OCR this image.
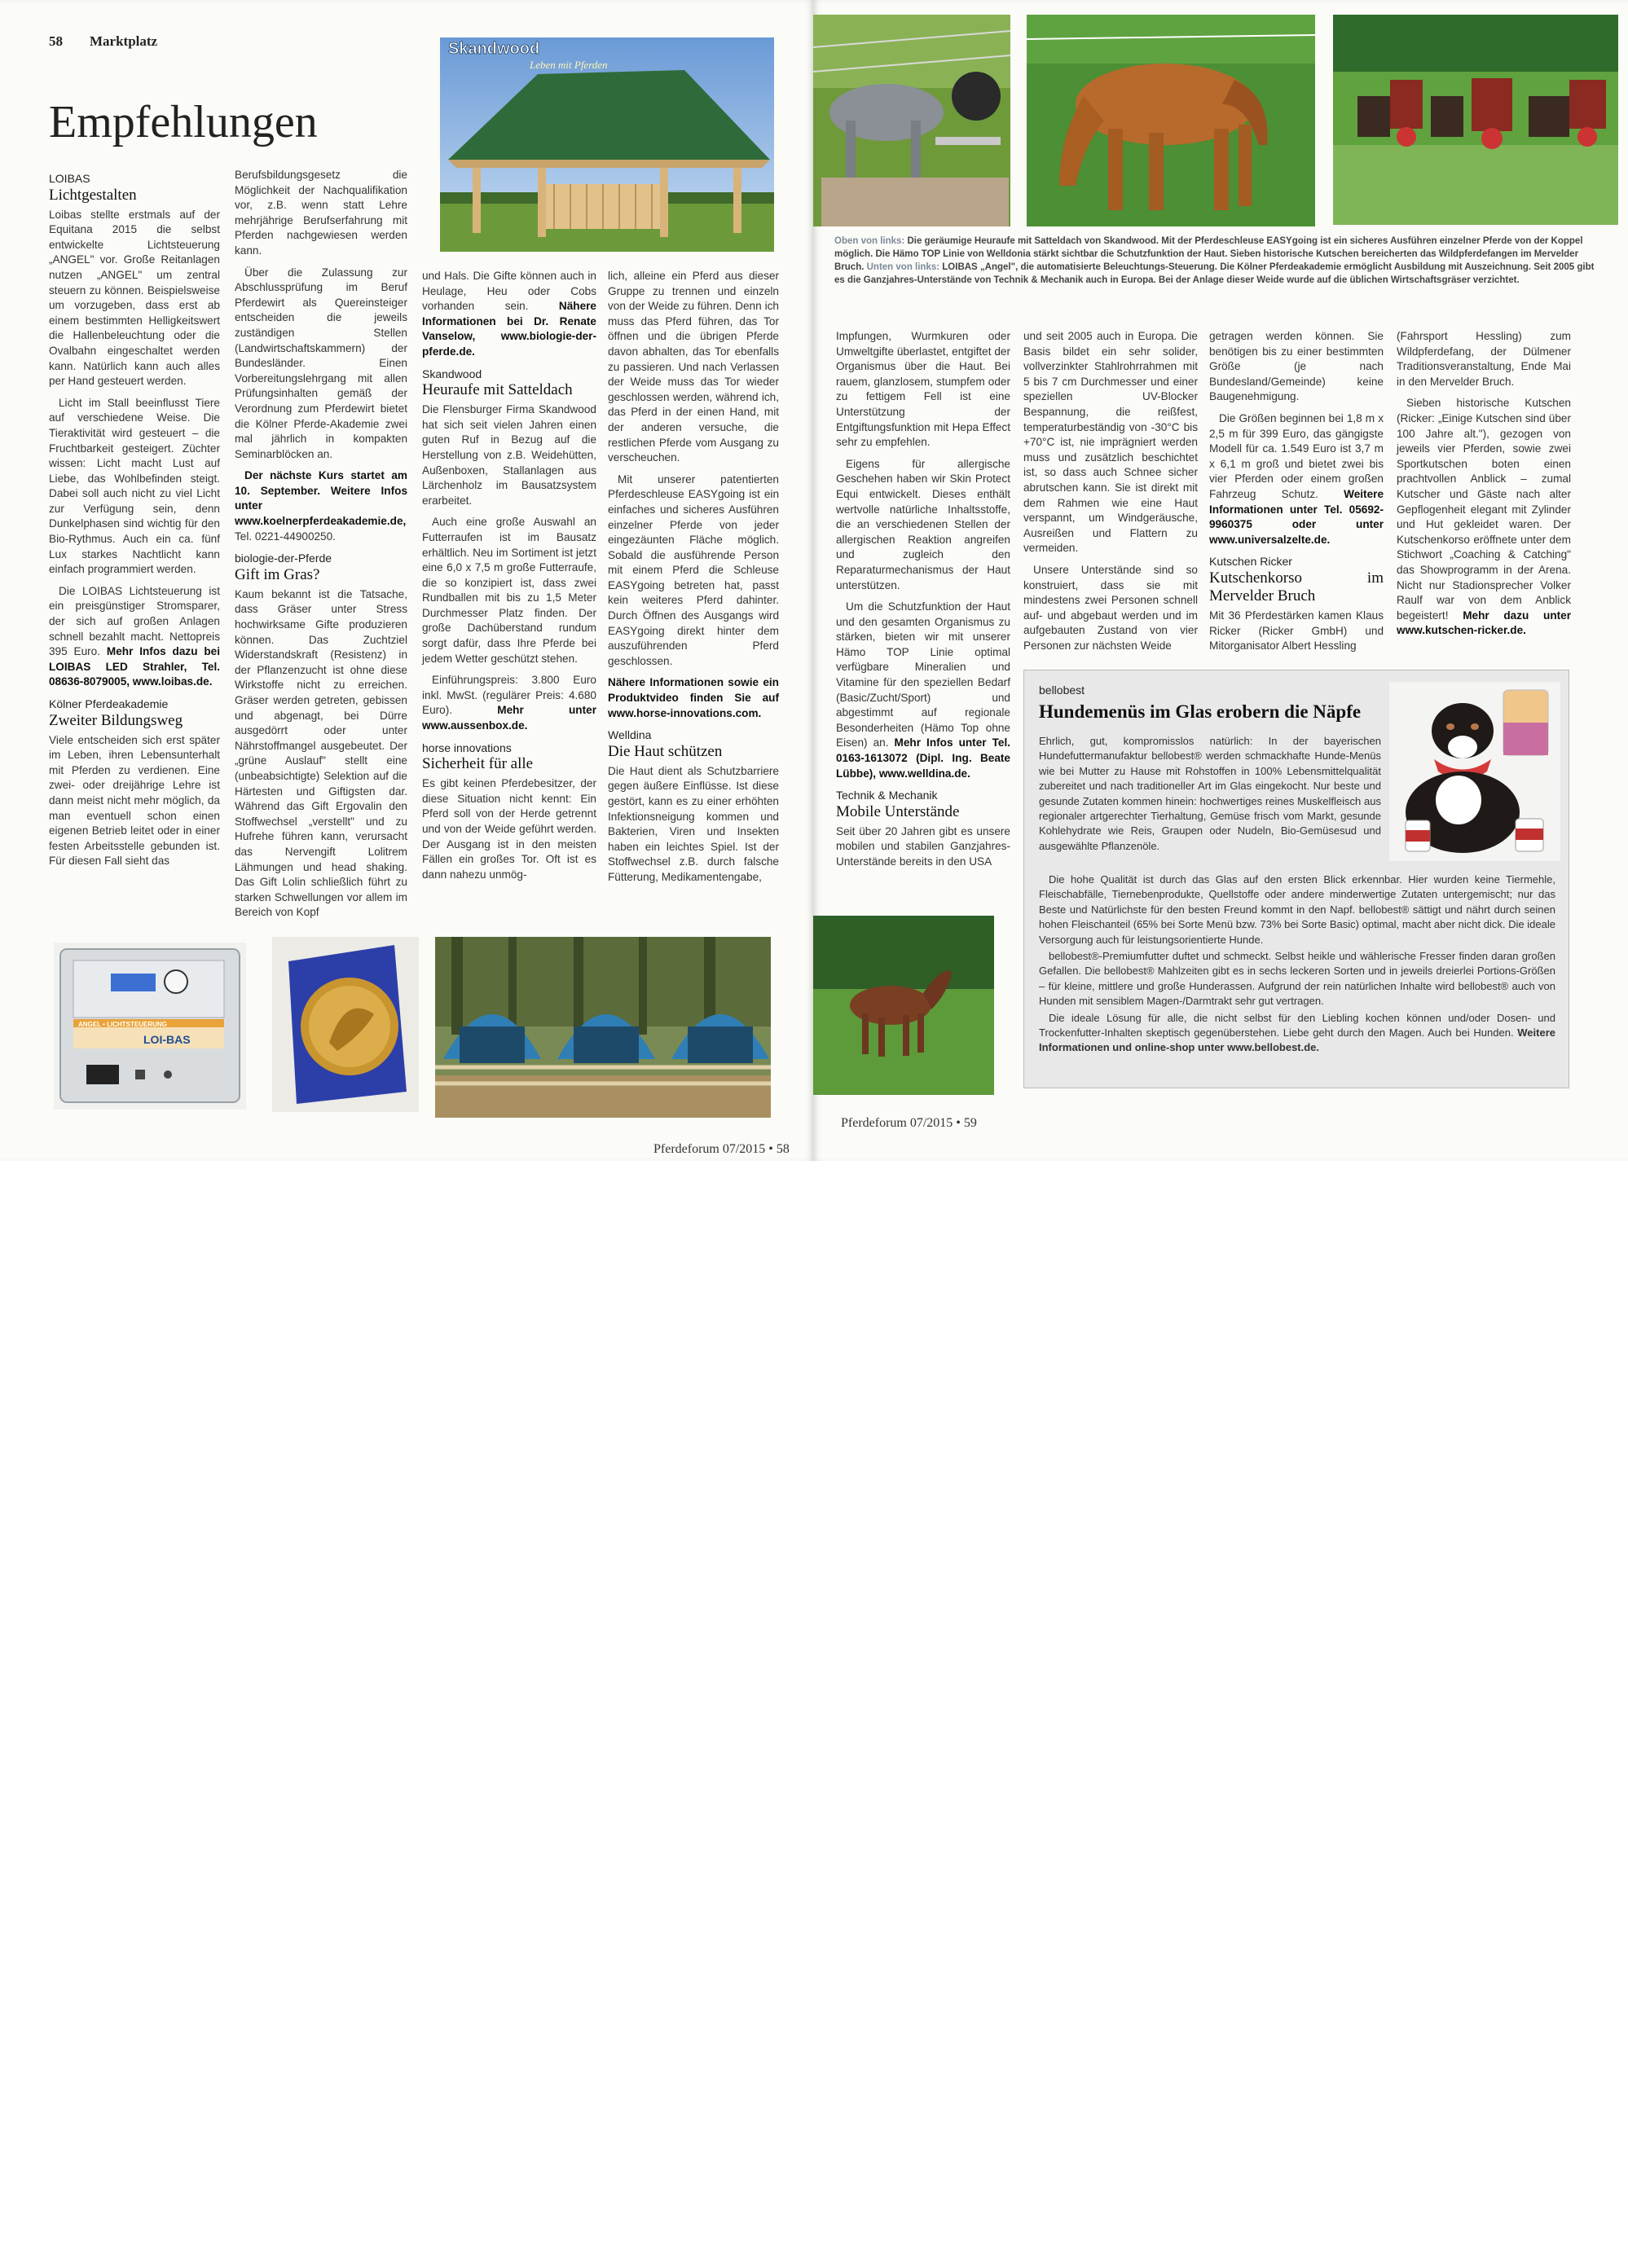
58 Marktplatz
Empfehlungen
Skandwood
Leben mit Pferden
LOIBAS
Lichtgestalten

Loibas stellte erstmals auf der Equitana 2015 die selbst entwickelte Lichtsteuerung „ANGEL" vor. Große Reitanlagen nutzen „ANGEL" um zentral steuern zu können. Beispielsweise um vorzugeben, dass erst ab einem bestimmten Helligkeitswert die Hallenbeleuchtung oder die Ovalbahn eingeschaltet werden kann. Natürlich kann auch alles per Hand gesteuert werden.

Licht im Stall beeinflusst Tiere auf verschiedene Weise. Die Tieraktivität wird gesteuert – die Fruchtbarkeit gesteigert. Züchter wissen: Licht macht Lust auf Liebe, das Wohlbefinden steigt. Dabei soll auch nicht zu viel Licht zur Verfügung sein, denn Dunkelphasen sind wichtig für den Bio-Rythmus. Auch ein ca. fünf Lux starkes Nachtlicht kann einfach programmiert werden.

Die LOIBAS Lichtsteuerung ist ein preisgünstiger Stromsparer, der sich auf großen Anlagen schnell bezahlt macht. Nettopreis 395 Euro. Mehr Infos dazu bei LOIBAS LED Strahler, Tel. 08636-8079005, www.loibas.de.

Kölner Pferdeakademie
Zweiter Bildungsweg

Viele entscheiden sich erst später im Leben, ihren Lebensunterhalt mit Pferden zu verdienen. Eine zwei- oder dreijährige Lehre ist dann meist nicht mehr möglich, da man eventuell schon einen eigenen Betrieb leitet oder in einer festen Arbeitsstelle gebunden ist. Für diesen Fall sieht das

Berufsbildungsgesetz die Möglichkeit der Nachqualifikation vor, z.B. wenn statt Lehre mehrjährige Berufserfahrung mit Pferden nachgewiesen werden kann.

Über die Zulassung zur Abschlussprüfung im Beruf Pferdewirt als Quereinsteiger entscheiden die jeweils zuständigen Stellen (Landwirtschaftskammern) der Bundesländer. Einen Vorbereitungslehrgang mit allen Prüfungsinhalten gemäß der Verordnung zum Pferdewirt bietet die Kölner Pferde-Akademie zwei mal jährlich in kompakten Seminarblöcken an.

Der nächste Kurs startet am 10. September. Weitere Infos unter www.koelnerpferdeakademie.de, Tel. 0221-44900250.

biologie-der-Pferde
Gift im Gras?

Kaum bekannt ist die Tatsache, dass Gräser unter Stress hochwirksame Gifte produzieren können. Das Zuchtziel Widerstandskraft (Resistenz) in der Pflanzenzucht ist ohne diese Wirkstoffe nicht zu erreichen. Gräser werden getreten, gebissen und abgenagt, bei Dürre ausgedörrt oder unter Nährstoffmangel ausgebeutet. Der „grüne Auslauf" stellt eine (unbeabsichtigte) Selektion auf die Härtesten und Giftigsten dar. Während das Gift Ergovalin den Stoffwechsel „verstellt" und zu Hufrehe führen kann, verursacht das Nervengift Lolitrem Lähmungen und head shaking. Das Gift Lolin schließlich führt zu starken Schwellungen vor allem im Bereich von Kopf

und Hals. Die Gifte können auch in Heulage, Heu oder Cobs vorhanden sein.	Nähere Informationen bei Dr. Renate Vanselow, www.biologie-der-pferde.de.

Skandwood
Heuraufe mit Satteldach

Die Flensburger Firma Skandwood hat sich seit vielen Jahren einen guten Ruf in Bezug auf die Herstellung von z.B. Weidehütten, Außenboxen, Stallanlagen aus Lärchenholz im Bausatzsystem erarbeitet.

Auch eine große Auswahl an Futterraufen ist im Bausatz erhältlich. Neu im Sortiment ist jetzt eine 6,0 x 7,5 m große Futterraufe, die so konzipiert ist, dass zwei Rundballen mit bis zu 1,5 Meter Durchmesser Platz finden. Der große Dachüberstand rundum sorgt dafür, dass Ihre Pferde bei jedem Wetter geschützt stehen.

Einführungspreis: 3.800 Euro inkl. MwSt. (regulärer Preis: 4.680 Euro).	Mehr unter www.aussenbox.de.

horse innovations
Sicherheit für alle

Es gibt keinen Pferdebesitzer, der diese Situation nicht kennt: Ein Pferd soll von der Herde getrennt und von der Weide geführt werden. Der Ausgang ist in den meisten Fällen ein großes Tor. Oft ist es dann nahezu unmög-

lich, alleine ein Pferd aus dieser Gruppe zu trennen und einzeln von der Weide zu führen. Denn ich muss das Pferd führen, das Tor öffnen und die übrigen Pferde davon abhalten, das Tor ebenfalls zu passieren. Und nach Verlassen der Weide muss das Tor wieder geschlossen werden, während ich, das Pferd in der einen Hand, mit der anderen versuche, die restlichen Pferde vom Ausgang zu verscheuchen.

Mit unserer patentierten Pferdeschleuse EASYgoing ist ein einfaches und sicheres Ausführen einzelner Pferde von jeder eingezäunten Fläche möglich. Sobald die ausführende Person mit einem Pferd die Schleuse EASYgoing betreten hat, passt kein weiteres Pferd dahinter. Durch Öffnen des Ausgangs wird EASYgoing direkt hinter dem auszuführenden Pferd geschlossen.

Nähere Informationen sowie ein Produktvideo finden Sie auf www.horse-innovations.com.

Welldina
Die Haut schützen

Die Haut dient als Schutzbarriere gegen äußere Einflüsse. Ist diese gestört, kann es zu einer erhöhten Infektionsneigung kommen und Bakterien, Viren und Insekten haben ein leichtes Spiel. Ist der Stoffwechsel z.B. durch falsche Fütterung, Medikamentengabe,

ANGEL • LICHTSTEUERUNG
LOI-BAS
Pferdeforum 07/2015 • 58
Oben von links: Die geräumige Heuraufe mit Satteldach von Skandwood. Mit der Pferdeschleuse EASYgoing ist ein sicheres Ausführen einzelner Pferde von der Koppel möglich. Die Hämo TOP Linie von Welldonia stärkt sichtbar die Schutzfunktion der Haut. Sieben historische Kutschen bereicherten das Wildpferdefangen im Mervelder Bruch. Unten von links: LOIBAS „Angel", die automatisierte Beleuchtungs-Steuerung. Die Kölner Pferdeakademie ermöglicht Ausbildung mit Auszeichnung. Seit 2005 gibt es die Ganzjahres-Unterstände von Technik & Mechanik auch in Europa. Bei der Anlage dieser Weide wurde auf die üblichen Wirtschaftsgräser verzichtet.

Impfungen, Wurmkuren oder Umweltgifte überlastet, entgiftet der Organismus über die Haut. Bei rauem, glanzlosem, stumpfem oder zu fettigem Fell ist eine Unterstützung der Entgiftungsfunktion mit Hepa Effect sehr zu empfehlen.

Eigens für allergische Geschehen haben wir Skin Protect Equi entwickelt. Dieses enthält wertvolle natürliche Inhaltsstoffe, die an verschiedenen Stellen der allergischen Reaktion angreifen und zugleich den Reparaturmechanismus der Haut unterstützen.

Um die Schutzfunktion der Haut und den gesamten Organismus zu stärken, bieten wir mit unserer Hämo TOP Linie optimal verfügbare Mineralien und Vitamine für den speziellen Bedarf (Basic/Zucht/Sport) und abgestimmt auf regionale Besonderheiten (Hämo Top ohne Eisen) an. Mehr Infos unter Tel. 0163-1613072 (Dipl. Ing. Beate Lübbe), www.welldina.de.

Technik & Mechanik
Mobile Unterstände

Seit über 20 Jahren gibt es unsere mobilen und stabilen Ganzjahres-Unterstände bereits in den USA

und seit 2005 auch in Europa. Die Basis bildet ein sehr solider, vollverzinkter Stahlrohrrahmen mit 5 bis 7 cm Durchmesser und einer speziellen UV-Blocker Bespannung, die reißfest, temperaturbeständig von -30°C bis +70°C ist, nie imprägniert werden muss und zusätzlich beschichtet ist, so dass auch Schnee sicher abrutschen kann. Sie ist direkt mit dem Rahmen wie eine Haut verspannt, um Windgeräusche, Ausreißen und Flattern zu vermeiden.

Unsere Unterstände sind so konstruiert, dass sie mit mindestens zwei Personen schnell auf- und abgebaut werden und im aufgebauten Zustand von vier Personen zur nächsten Weide

getragen werden können. Sie benötigen bis zu einer bestimmten Größe (je nach Bundesland/Gemeinde) keine Baugenehmigung.

Die Größen beginnen bei 1,8 m x 2,5 m für 399 Euro, das gängigste Modell für ca. 1.549 Euro ist 3,7 m x 6,1 m groß und bietet zwei bis vier Pferden oder einem großen Fahrzeug Schutz. Weitere Informationen unter Tel. 05692-9960375 oder unter www.universalzelte.de.

Kutschen Ricker
Kutschenkorso im Mervelder Bruch

Mit 36 Pferdestärken kamen Klaus Ricker (Ricker GmbH) und Mitorganisator Albert Hessling

(Fahrsport Hessling) zum Wildpferdefang, der Dülmener Traditionsveranstaltung, Ende Mai in den Mervelder Bruch.

Sieben historische Kutschen (Ricker: „Einige Kutschen sind über 100 Jahre alt."), gezogen von jeweils vier Pferden, sowie zwei Sportkutschen boten einen prachtvollen Anblick – zumal Kutscher und Gäste nach alter Gepflogenheit elegant mit Zylinder und Hut gekleidet waren. Der Kutschenkorso eröffnete unter dem Stichwort „Coaching & Catching" das Showprogramm in der Arena. Nicht nur Stadionsprecher Volker Raulf war von dem Anblick begeistert! Mehr dazu unter www.kutschen-ricker.de.

bellobest
Hundemenüs im Glas erobern die Näpfe

Ehrlich, gut, kompromisslos natürlich: In der bayerischen Hundefuttermanufaktur bellobest® werden schmackhafte Hunde-Menüs wie bei Mutter zu Hause mit Rohstoffen in 100% Lebensmittelqualität zubereitet und nach traditioneller Art im Glas eingekocht. Nur beste und gesunde Zutaten kommen hinein: hochwertiges reines Muskelfleisch aus regionaler artgerechter Tierhaltung, Gemüse frisch vom Markt, gesunde Kohlehydrate wie Reis, Graupen oder Nudeln, Bio-Gemüsesud und ausgewählte Pflanzenöle.

Die hohe Qualität ist durch das Glas auf den ersten Blick erkennbar. Hier wurden keine Tiermehle, Fleischabfälle, Tiernebenprodukte, Quellstoffe oder andere minderwertige Zutaten untergemischt; nur das Beste und Natürlichste für den besten Freund kommt in den Napf. bellobest® sättigt und nährt durch seinen hohen Fleischanteil (65% bei Sorte Menü bzw. 73% bei Sorte Basic) optimal, macht aber nicht dick. Die ideale Versorgung auch für leistungsorientierte Hunde.

bellobest®-Premiumfutter duftet und schmeckt. Selbst heikle und wählerische Fresser finden daran großen Gefallen. Die bellobest® Mahlzeiten gibt es in sechs leckeren Sorten und in jeweils dreierlei Portions-Größen – für kleine, mittlere und große Hunderassen. Aufgrund der rein natürlichen Inhalte wird bellobest® auch von Hunden mit sensiblem Magen-/Darmtrakt sehr gut vertragen.

Die ideale Lösung für alle, die nicht selbst für den Liebling kochen können und/oder Dosen- und Trockenfutter-Inhalten skeptisch gegenüberstehen. Liebe geht durch den Magen. Auch bei Hunden. Weitere Informationen und online-shop unter www.bellobest.de.

Pferdeforum 07/2015 • 59
